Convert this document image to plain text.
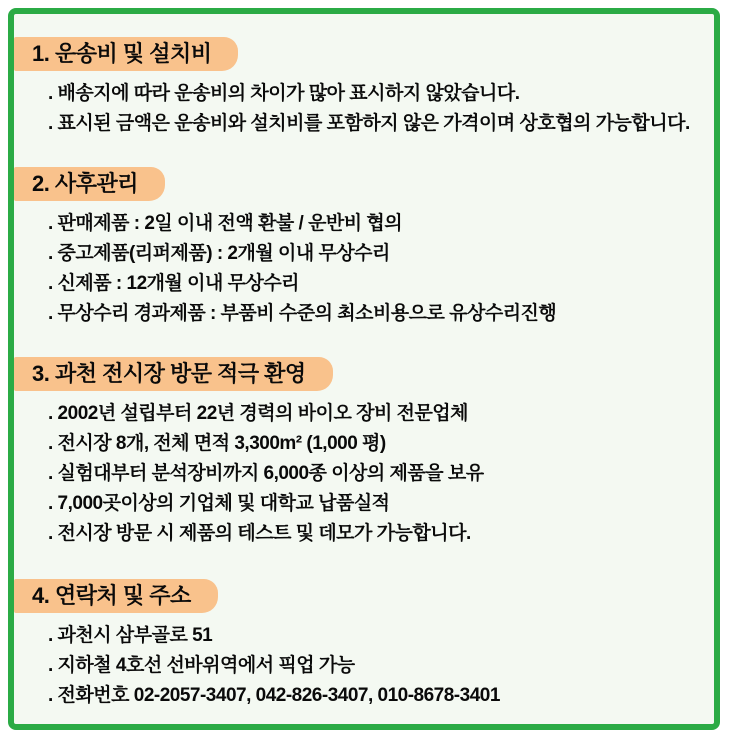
1. 운송비 및 설치비

. 배송지에 따라 운송비의 차이가 많아 표시하지 않았습니다.

. 표시된 금액은 운송비와 설치비를 포함하지 않은 가격이며 상호협의 가능합니다.

2. 사후관리

. 판매제품 : 2일 이내 전액 환불 / 운반비 협의

. 중고제품(리퍼제품) : 2개월 이내 무상수리

. 신제품 : 12개월 이내 무상수리

. 무상수리 경과제품 : 부품비 수준의 최소비용으로 유상수리진행

3. 과천 전시장 방문 적극 환영

. 2002년 설립부터 22년 경력의 바이오 장비 전문업체

. 전시장 8개, 전체 면적 3,300m² (1,000 평)

. 실험대부터 분석장비까지 6,000종 이상의 제품을 보유

. 7,000곳이상의 기업체 및 대학교 납품실적

. 전시장 방문 시 제품의 테스트 및 데모가 가능합니다.

4. 연락처 및 주소

. 과천시 삼부골로 51

. 지하철 4호선 선바위역에서 픽업 가능

. 전화번호 02-2057-3407, 042-826-3407, 010-8678-3401
